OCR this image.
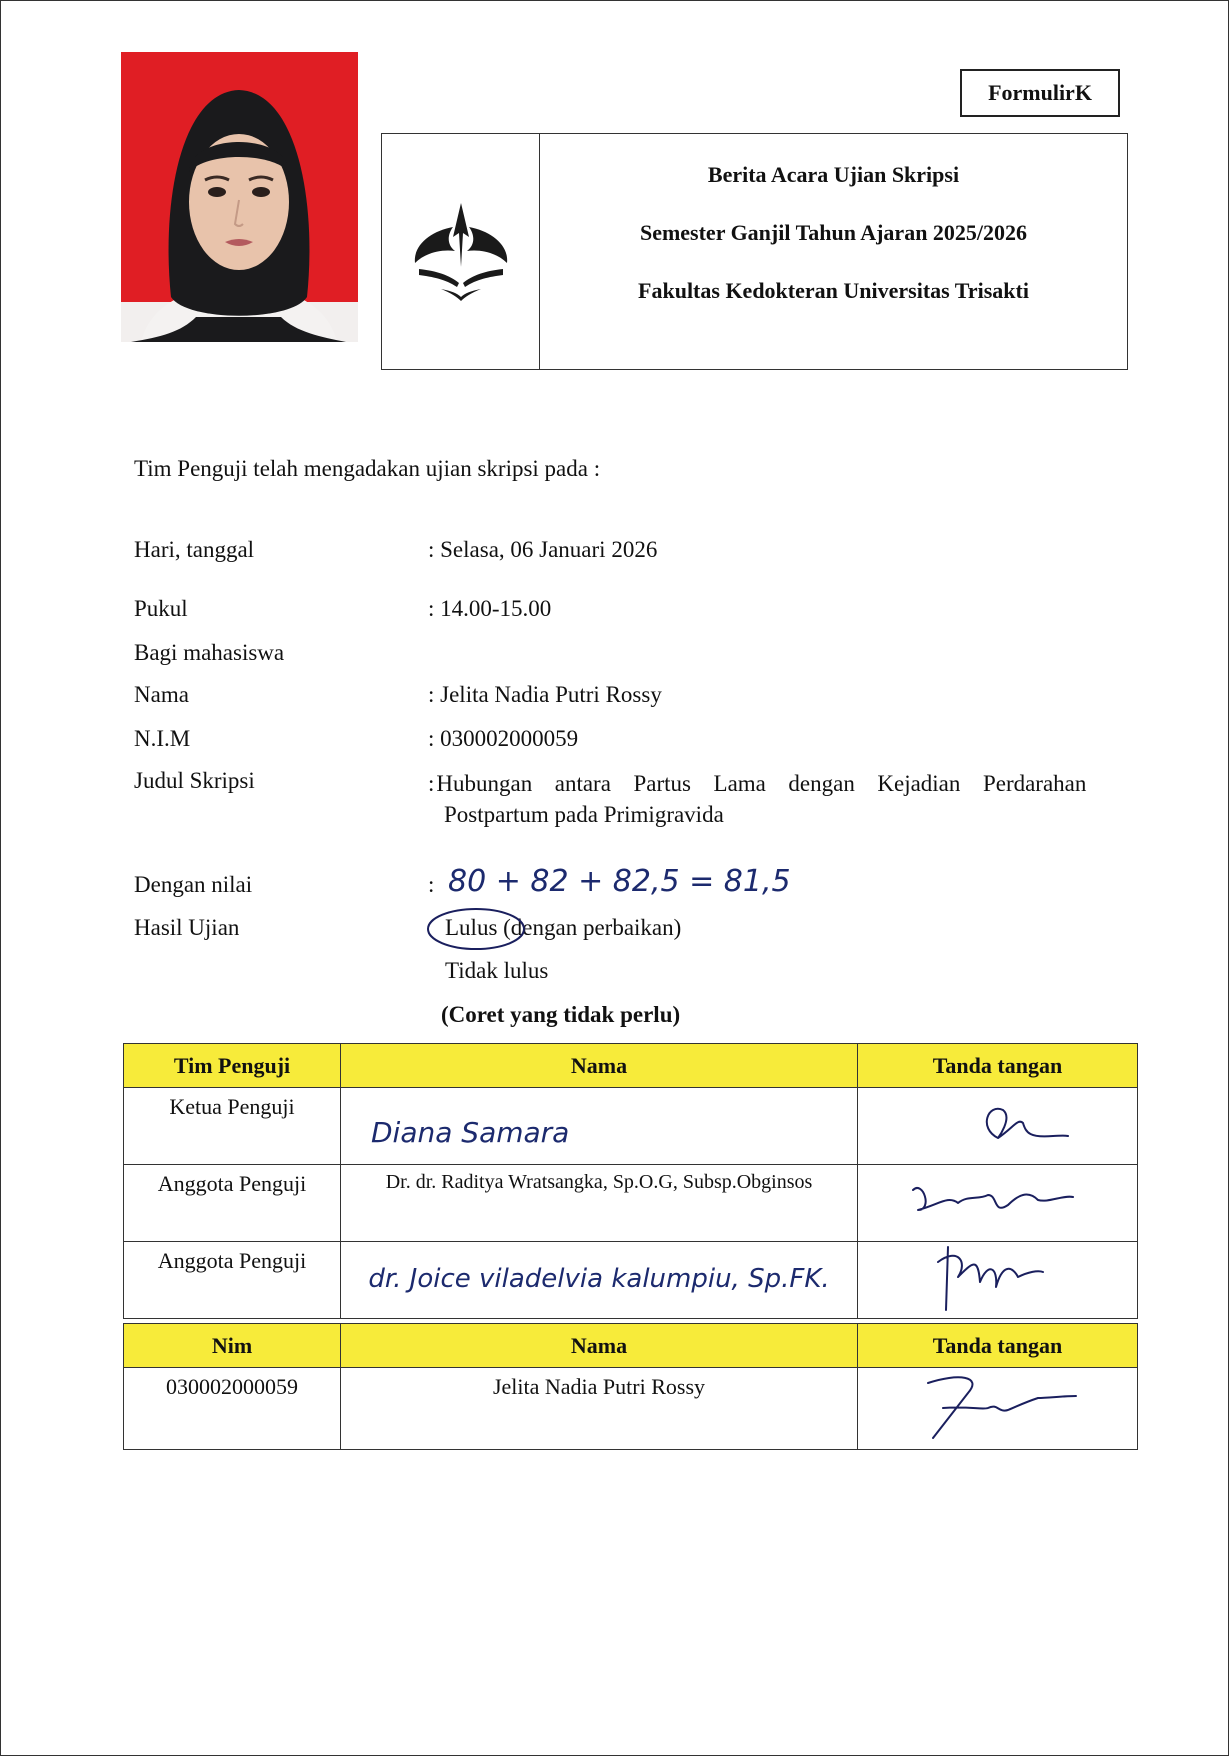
FormulirK
Berita Acara Ujian Skripsi
Semester Ganjil Tahun Ajaran 2025/2026
Fakultas Kedokteran Universitas Trisakti
Tim Penguji telah mengadakan ujian skripsi pada :
Hari, tanggal	: Selasa, 06 Januari 2026
Pukul	: 14.00-15.00
Bagi mahasiswa
Nama	: Jelita Nadia Putri Rossy
N.I.M	: 030002000059
Judul Skripsi	:Hubungan antara Partus Lama dengan Kejadian Perdarahan
Postpartum pada Primigravida
Dengan nilai	: 80 + 82 + 82,5 = 81,5
Hasil Ujian	Lulus (dengan perbaikan)
Tidak lulus
(Coret yang tidak perlu)
Tim Penguji	Nama	Tanda tangan

Ketua Penguji	Diana Samara

Anggota Penguji	Dr. dr. Raditya Wratsangka, Sp.O.G, Subsp.Obginsos

Anggota Penguji	dr. Joice viladelvia kalumpiu, Sp.FK.

Nim	Nama	Tanda tangan

030002000059	Jelita Nadia Putri Rossy
